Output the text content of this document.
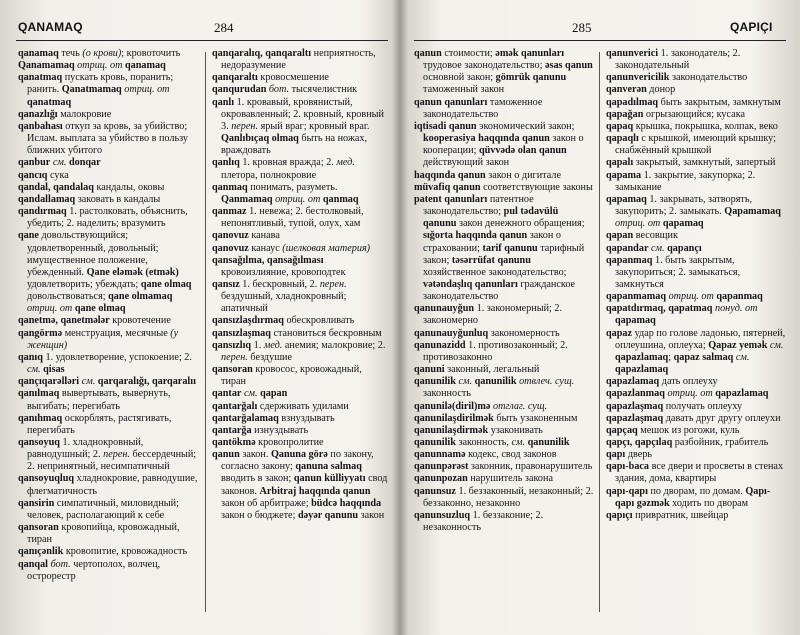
QANAMAQ	284

qanamaq течь (о крови); кровоточить

Qanamamaq отриц. от qanamaq

qanatmaq пускать кровь, поранить; ранить. Qanatmamaq отриц. от qanatmaq

qanazlığı малокровие

qanbahası откуп за кровь, за убийство; Ислам. выплата за убийство в пользу ближних убитого

qanbur см. donqar

qancıq сука

qandal, qandalaq кандалы, оковы

qandallamaq заковать в кандалы

qandırmaq 1. растолковать, объяснить, убедить; 2. наделить; вразумить

qane довольствующийся; удовлетворенный, довольный; имущественное положение, убежденный. Qane eləmək (etmək) удовлетворить; убеждать; qane olmaq довольствоваться; qane olmamaq отриц. от qane olmaq

qanetmə, qanetmələr кровотечение

qangörmə менструация, месячные (у женщин)

qanıq 1. удовлетворение, успокоение; 2. см. qisas

qançıqarəlləri см. qarqaralığı, qarqaralıı

qanılmaq вывертывать, вывернуть, выгибать; перегибать

qanıhmaq оскорблять, растягивать, перегибать

qansoyuq 1. хладнокровный, равнодушный; 2. перен. бессердечный; 2. непринятный, несимпатичный

qansoyuqluq хладнокровие, равнодушие, флегматичность

qansirin симпатичный, миловидный; человек, располагающий к себе

qansoran кровопийца, кровожадный, тиран

qanıçənlik кровопитие, кровожадность

qanqal бот. чертополох, волчец, острорестр

qanqaralıq, qanqaraltı неприятность, недоразумение

qanqaraltı кровосмешение

qanqurudan бот. тысячелистник

qanlı 1. кровавый, кровянистый, окровавленный; 2. кровный, кровный 3. перен. ярый враг; кровный враг. Qanlıbıçaq olmaq быть на ножах, враждовать

qanlıq 1. кровная вражда; 2. мед. плетора, полнокровие

qanmaq понимать, разуметь. Qanmamaq отриц. от qanmaq

qanmaz 1. невежа; 2. бестолковый, непонятливый, тупой, олух, хам

qanovuz канава

qanovuz канаус (шелковая материя)

qansağılma, qansağılması кровоизлияние, кровоподтек

qansız 1. бескровный, 2. перен. бездушный, хладнокровный; апатичный

qansızlaşdırmaq обескровливать

qansızlaşmaq становиться бескровным

qansızlıq 1. мед. анемия; малокровие; 2. перен. бездушие

qansoran кровосос, кровожадный, тиран

qantar см. qapan

qantarğalı сдерживать удилами

qantarğalamaq взнуздывать

qantarğa изнуздывать

qantökmə кровопролитие

qanun закон. Qanuna görə по закону, согласно закону; qanuna salmaq вводить в закон; qanun külliyyatı свод законов. Arbitraj haqqında qanun закон об арбитраже; büdcə haqqında закон о бюджете; dəyər qanunu закон

285	QAPIÇI

qanun стоимости; əmək qanunları трудовое законодательство; əsas qanun основной закон; gömrük qanunu таможенный закон

qanun qanunları таможенное законодательство

iqtisadi qanun экономический закон; kooperasiya haqqında qanun закон о кооперации; qüvvədə olan qanun действующий закон

haqqında qanun закон о дигитале

müvafiq qanun соответствующие законы

patent qanunları патентное законодательство; pul tədavülü qanunu закон денежного обращения; sığorta haqqında qanun закон о страховании; tarif qanunu тарифный закон; təsərrüfat qanunu хозяйственное законодательство; vətəndaşlıq qanunları гражданское законодательство

qanunauyğun 1. закономерный; 2. закономерно

qanunauyğunluq закономерность

qanunazidd 1. противозаконный; 2. противозаконно

qanuni законный, легальный

qanunilik см. qanunilik отвлеч. сущ. законность

qanunilə(diril)mə отглаг. сущ.

qanunilaşdirilmək быть узаконенным

qanunilaşdirmək узаконивать

qanunilik законность, см. qanunilik

qanunnamə кодекс, свод законов

qanunpərəst законник, правонарушитель

qanunpozan нарушитель закона

qanunsuz 1. беззаконный, незаконный; 2. беззаконно, незаконно

qanunsuzluq 1. беззаконие; 2. незаконность

qanunverici 1. законодатель; 2. законодательный

qanunvericilik законодательство

qanverən донор

qapadılmaq быть закрытым, замкнутым

qapağan огрызающийся; кусака

qapaq крышка, покрышка, колпак, веко

qapaqlı с крышкой, имеющий крышку; снабжённый крышкой

qapalı закрытый, замкнутый, запертый

qapama 1. закрытие, закупорка; 2. замыкание

qapamaq 1. закрывать, затворять, закупорить; 2. замыкать. Qapamamaq отриц. от qapamaq

qapan весовщик

qapandar см. qapançı

qapanmaq 1. быть закрытым, закупориться; 2. замыкаться, замкнуться

qapanmamaq отриц. от qapanmaq

qapatdırmaq, qapatmaq понуд. от qapamaq

qapaz удар по голове ладонью, пятерней, оплеушина, оплеуха; Qapaz yemək см. qapazlamaq; qapaz salmaq см. qapazlamaq

qapazlamaq дать оплеуху

qapazlanmaq отриц. от qapazlamaq

qapazlaşmaq получать оплеуху

qapazlaşmaq давать друг другу оплеухи

qapçaq мешок из рогожи, куль

qapçı, qapçılaq разбойник, грабитель

qapı дверь

qapı-baca все двери и просветы в стенах здания, дома, квартиры

qapı-qapı по дворам, по домам. Qapı-qapı gəzmək ходить по дворам

qapıçı привратник, швейцар
